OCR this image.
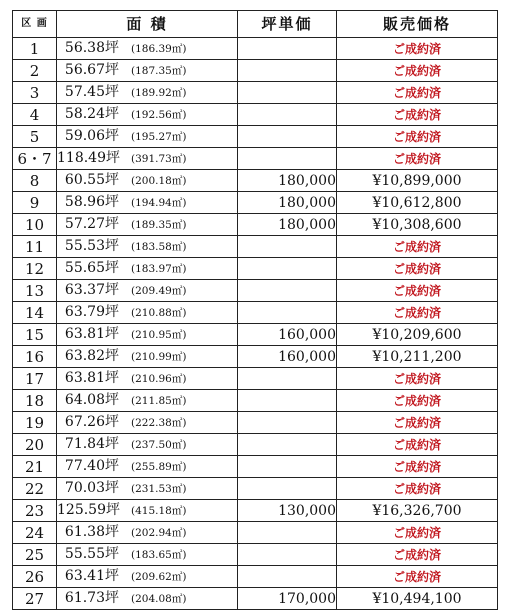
区 画	面 積	坪単価	販売価格
1	56.38坪 (186.39㎡)		ご成約済
2	56.67坪 (187.35㎡)		ご成約済
3	57.45坪 (189.92㎡)		ご成約済
4	58.24坪 (192.56㎡)		ご成約済
5	59.06坪 (195.27㎡)		ご成約済
6・7	118.49坪 (391.73㎡)		ご成約済
8	60.55坪 (200.18㎡)	180,000	¥10,899,000
9	58.96坪 (194.94㎡)	180,000	¥10,612,800
10	57.27坪 (189.35㎡)	180,000	¥10,308,600
11	55.53坪 (183.58㎡)		ご成約済
12	55.65坪 (183.97㎡)		ご成約済
13	63.37坪 (209.49㎡)		ご成約済
14	63.79坪 (210.88㎡)		ご成約済
15	63.81坪 (210.95㎡)	160,000	¥10,209,600
16	63.82坪 (210.99㎡)	160,000	¥10,211,200
17	63.81坪 (210.96㎡)		ご成約済
18	64.08坪 (211.85㎡)		ご成約済
19	67.26坪 (222.38㎡)		ご成約済
20	71.84坪 (237.50㎡)		ご成約済
21	77.40坪 (255.89㎡)		ご成約済
22	70.03坪 (231.53㎡)		ご成約済
23	125.59坪 (415.18㎡)	130,000	¥16,326,700
24	61.38坪 (202.94㎡)		ご成約済
25	55.55坪 (183.65㎡)		ご成約済
26	63.41坪 (209.62㎡)		ご成約済
27	61.73坪 (204.08㎡)	170,000	¥10,494,100
